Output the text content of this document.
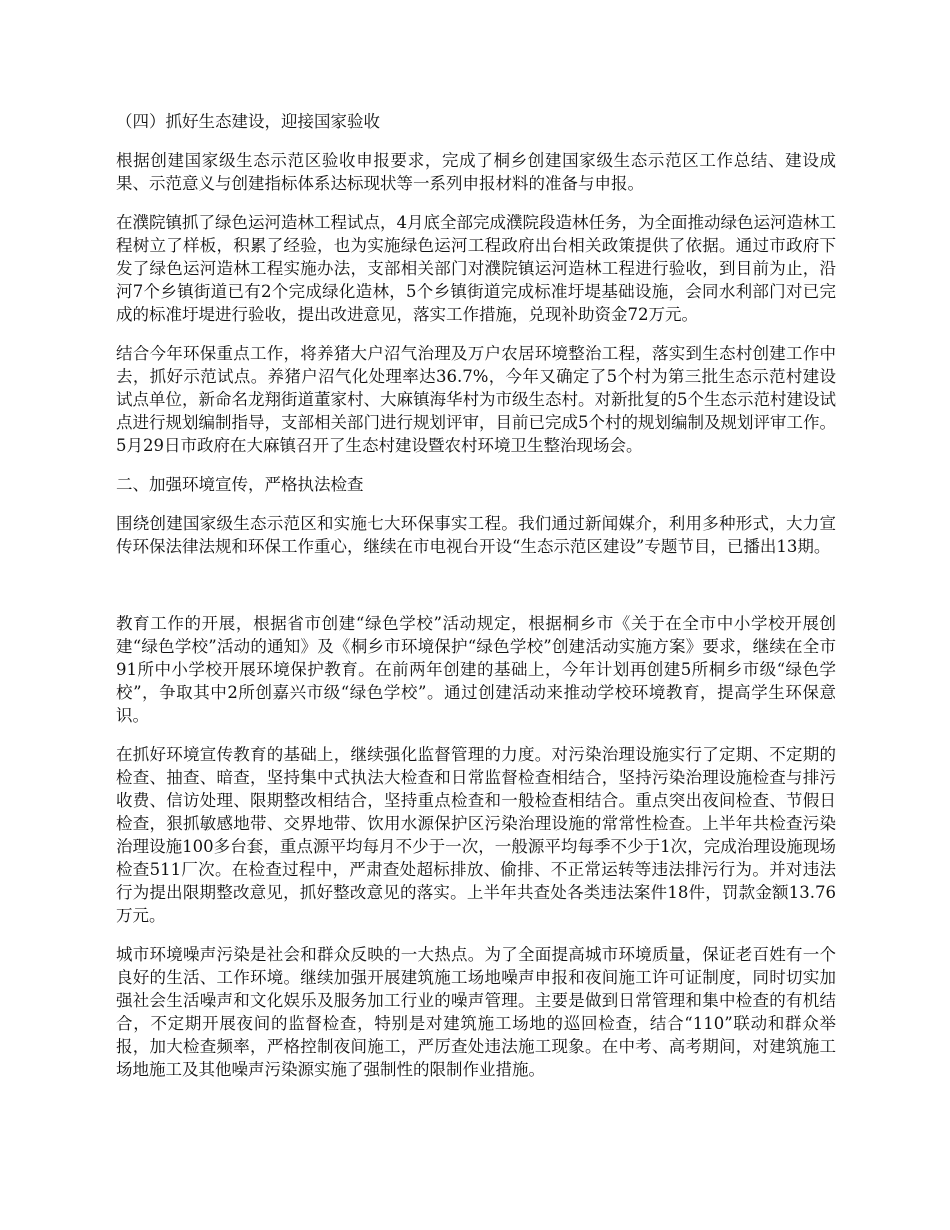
（四）抓好生态建设，迎接国家验收

根据创建国家级生态示范区验收申报要求，完成了桐乡创建国家级生态示范区工作总结、建设成果、示范意义与创建指标体系达标现状等一系列申报材料的准备与申报。

在濮院镇抓了绿色运河造林工程试点，4月底全部完成濮院段造林任务，为全面推动绿色运河造林工程树立了样板，积累了经验，也为实施绿色运河工程政府出台相关政策提供了依据。通过市政府下发了绿色运河造林工程实施办法，支部相关部门对濮院镇运河造林工程进行验收，到目前为止，沿河7个乡镇街道已有2个完成绿化造林，5个乡镇街道完成标准圩堤基础设施，会同水利部门对已完成的标准圩堤进行验收，提出改进意见，落实工作措施，兑现补助资金72万元。

结合今年环保重点工作，将养猪大户沼气治理及万户农居环境整治工程，落实到生态村创建工作中去，抓好示范试点。养猪户沼气化处理率达36.7%，今年又确定了5个村为第三批生态示范村建设试点单位，新命名龙翔街道董家村、大麻镇海华村为市级生态村。对新批复的5个生态示范村建设试点进行规划编制指导，支部相关部门进行规划评审，目前已完成5个村的规划编制及规划评审工作。5月29日市政府在大麻镇召开了生态村建设暨农村环境卫生整治现场会。

二、加强环境宣传，严格执法检查

围绕创建国家级生态示范区和实施七大环保事实工程。我们通过新闻媒介，利用多种形式，大力宣传环保法律法规和环保工作重心，继续在市电视台开设“生态示范区建设”专题节目，已播出13期。

教育工作的开展，根据省市创建“绿色学校”活动规定，根据桐乡市《关于在全市中小学校开展创建“绿色学校”活动的通知》及《桐乡市环境保护“绿色学校”创建活动实施方案》要求，继续在全市91所中小学校开展环境保护教育。在前两年创建的基础上，今年计划再创建5所桐乡市级“绿色学校”，争取其中2所创嘉兴市级“绿色学校”。通过创建活动来推动学校环境教育，提高学生环保意识。

在抓好环境宣传教育的基础上，继续强化监督管理的力度。对污染治理设施实行了定期、不定期的检查、抽查、暗查，坚持集中式执法大检查和日常监督检查相结合，坚持污染治理设施检查与排污收费、信访处理、限期整改相结合，坚持重点检查和一般检查相结合。重点突出夜间检查、节假日检查，狠抓敏感地带、交界地带、饮用水源保护区污染治理设施的常常性检查。上半年共检查污染治理设施100多台套，重点源平均每月不少于一次，一般源平均每季不少于1次，完成治理设施现场检查511厂次。在检查过程中，严肃查处超标排放、偷排、不正常运转等违法排污行为。并对违法行为提出限期整改意见，抓好整改意见的落实。上半年共查处各类违法案件18件，罚款金额13.76万元。

城市环境噪声污染是社会和群众反映的一大热点。为了全面提高城市环境质量，保证老百姓有一个良好的生活、工作环境。继续加强开展建筑施工场地噪声申报和夜间施工许可证制度，同时切实加强社会生活噪声和文化娱乐及服务加工行业的噪声管理。主要是做到日常管理和集中检查的有机结合，不定期开展夜间的监督检查，特别是对建筑施工场地的巡回检查，结合“110”联动和群众举报，加大检查频率，严格控制夜间施工，严厉查处违法施工现象。在中考、高考期间，对建筑施工场地施工及其他噪声污染源实施了强制性的限制作业措施。
